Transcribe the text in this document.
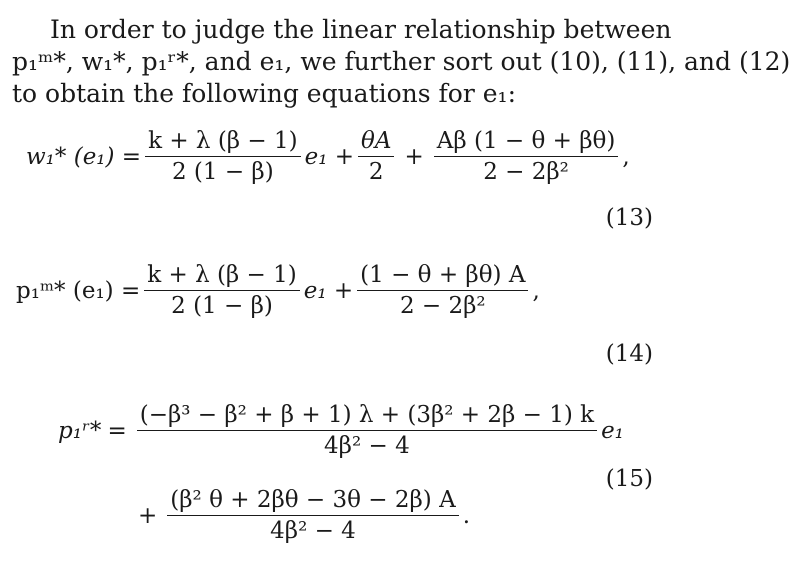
In order to judge the linear relationship between
p₁ᵐ*, w₁*, p₁ʳ*, and e₁, we further sort out (10), (11), and (12)
to obtain the following equations for e₁:
w₁* $(e_1) = \frac{k + \lambda (\beta - 1)}{2 (1 - \beta)} e_1 + \frac{\theta A}{2} + \frac{A\beta (1 - \theta + \beta\theta)}{\text{2 − 2β²}}$ ,
(13)
p₁ᵐ* $(e_1) = \frac{k + \lambda (\beta - 1)}{2 (1 - \beta)} e_1 + \frac{(1 - \theta + \beta\theta) A}{\text{2 − 2β²}}$ ,
(14)
p₁ʳ* = $\frac{\text{(−β³ − β² + β + 1) λ + (3β² + 2β − 1) k}}{\text{4β² − 4}} e_1$
+ $\frac{\text{(β² θ + 2βθ − 3θ − 2β) A}}{\text{4β² − 4}}$ .
(15)
